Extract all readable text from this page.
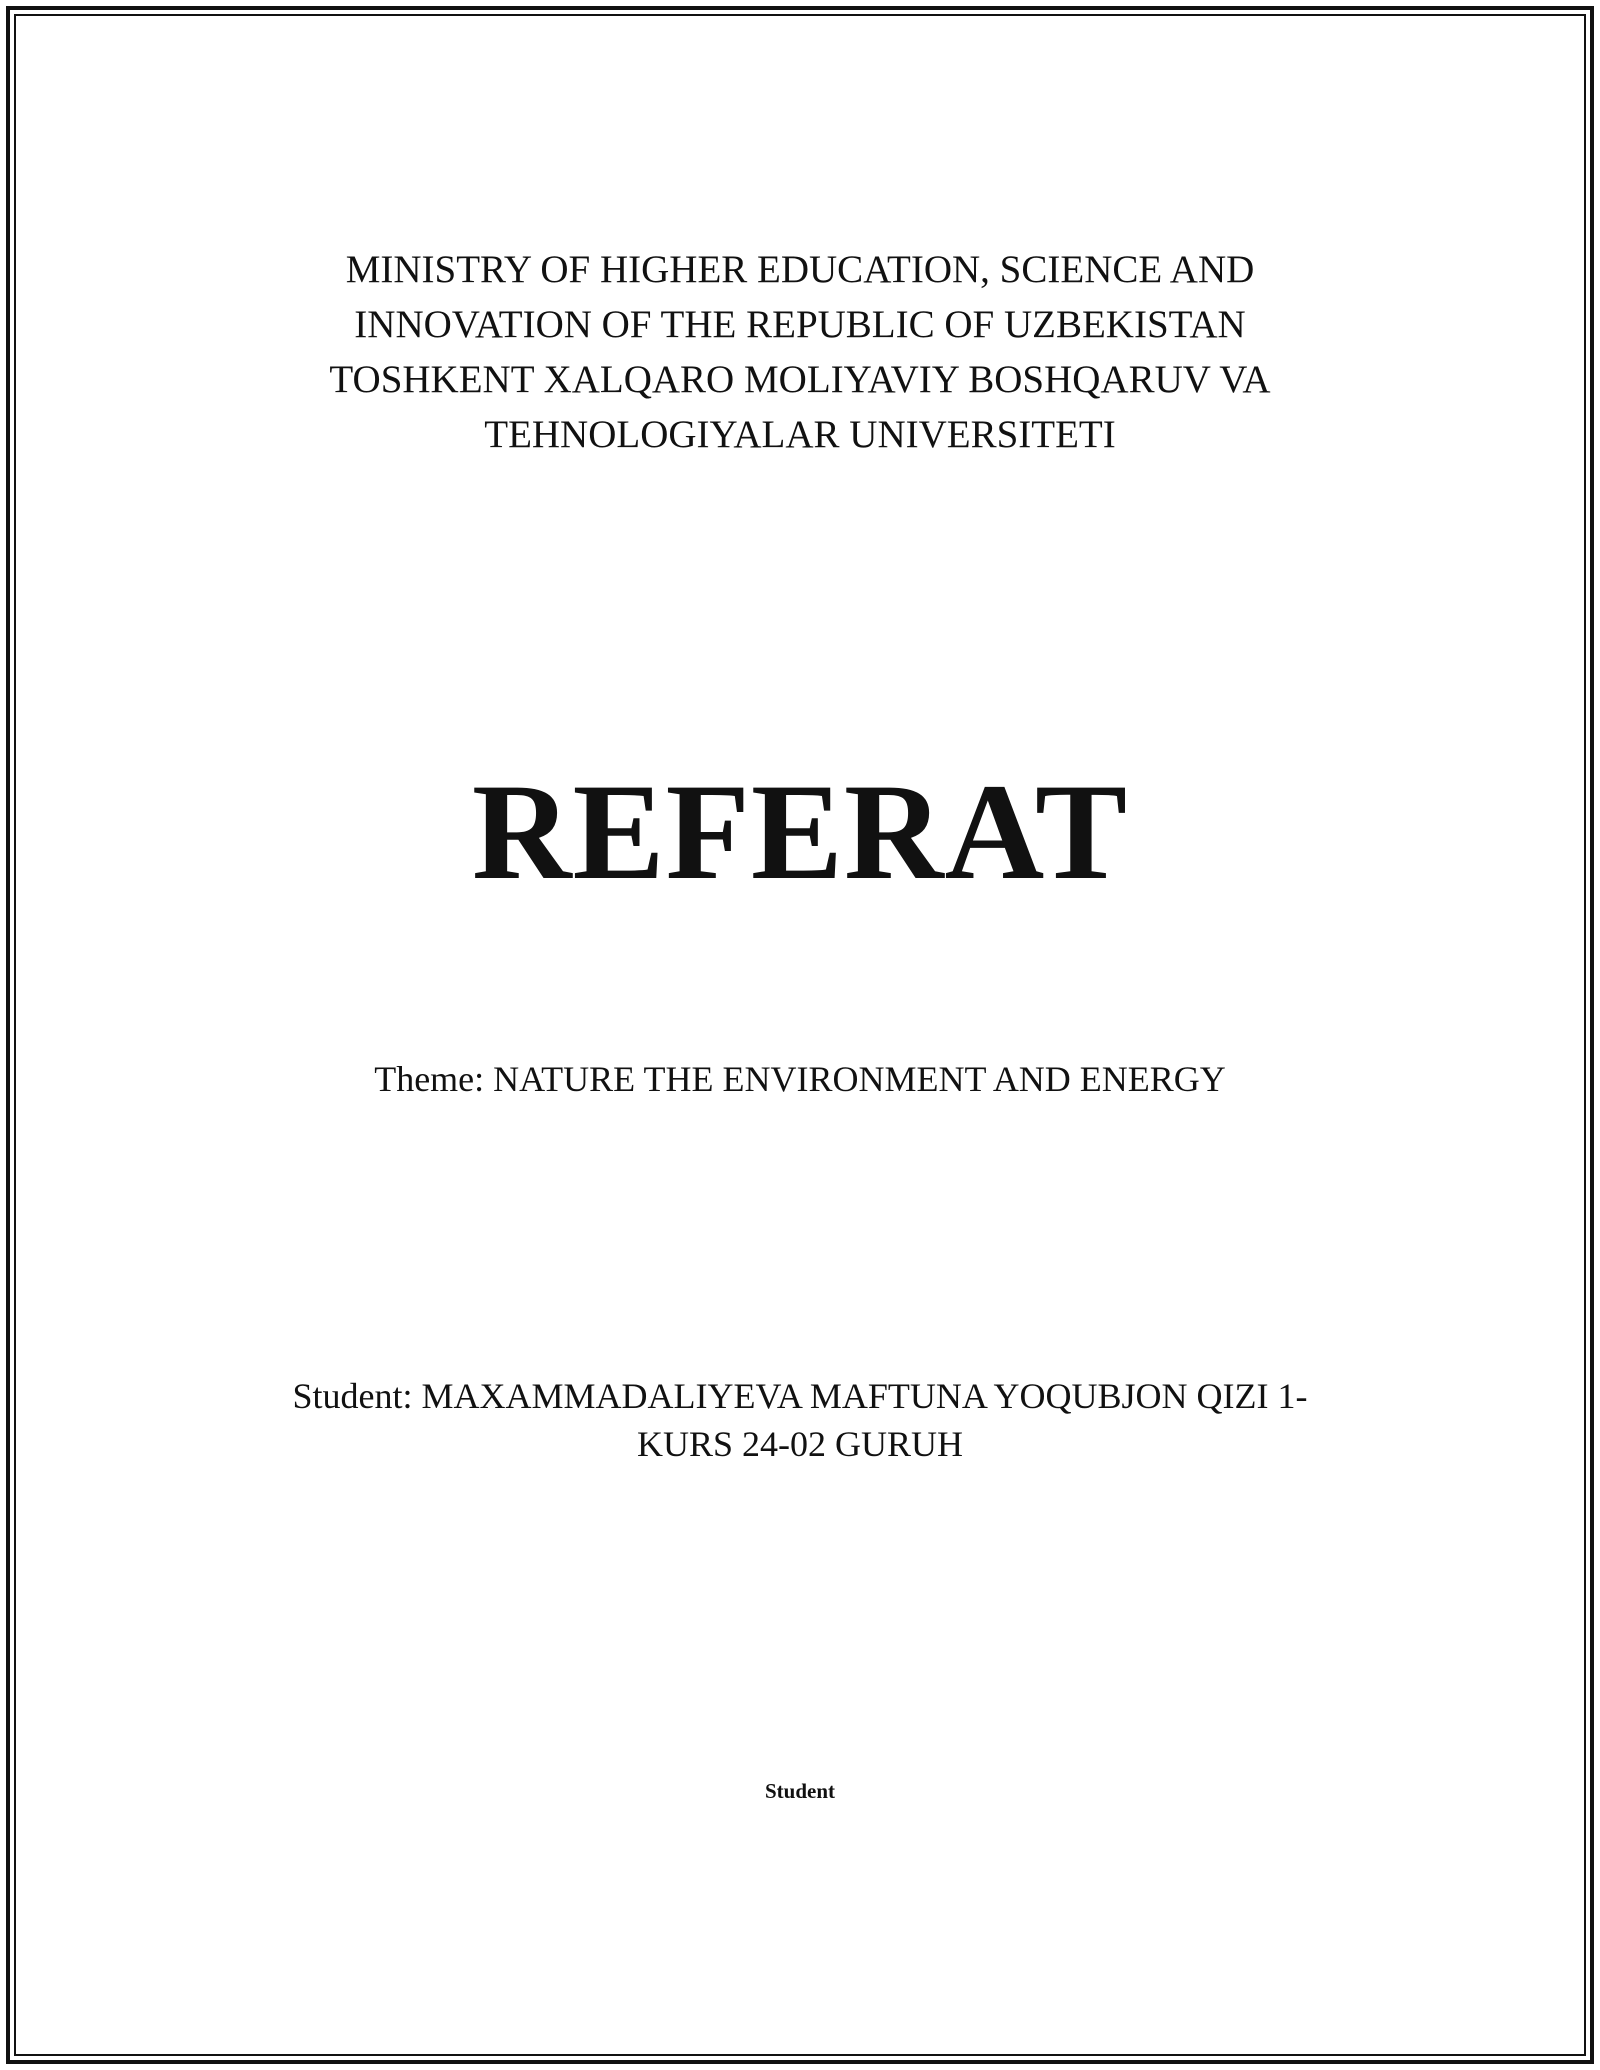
MINISTRY OF HIGHER EDUCATION, SCIENCE AND
INNOVATION OF THE REPUBLIC OF UZBEKISTAN
TOSHKENT XALQARO MOLIYAVIY BOSHQARUV VA
TEHNOLOGIYALAR UNIVERSITETI
REFERAT
Theme: NATURE THE ENVIRONMENT AND ENERGY
Student: MAXAMMADALIYEVA MAFTUNA YOQUBJON QIZI 1-
KURS 24-02 GURUH
Student
